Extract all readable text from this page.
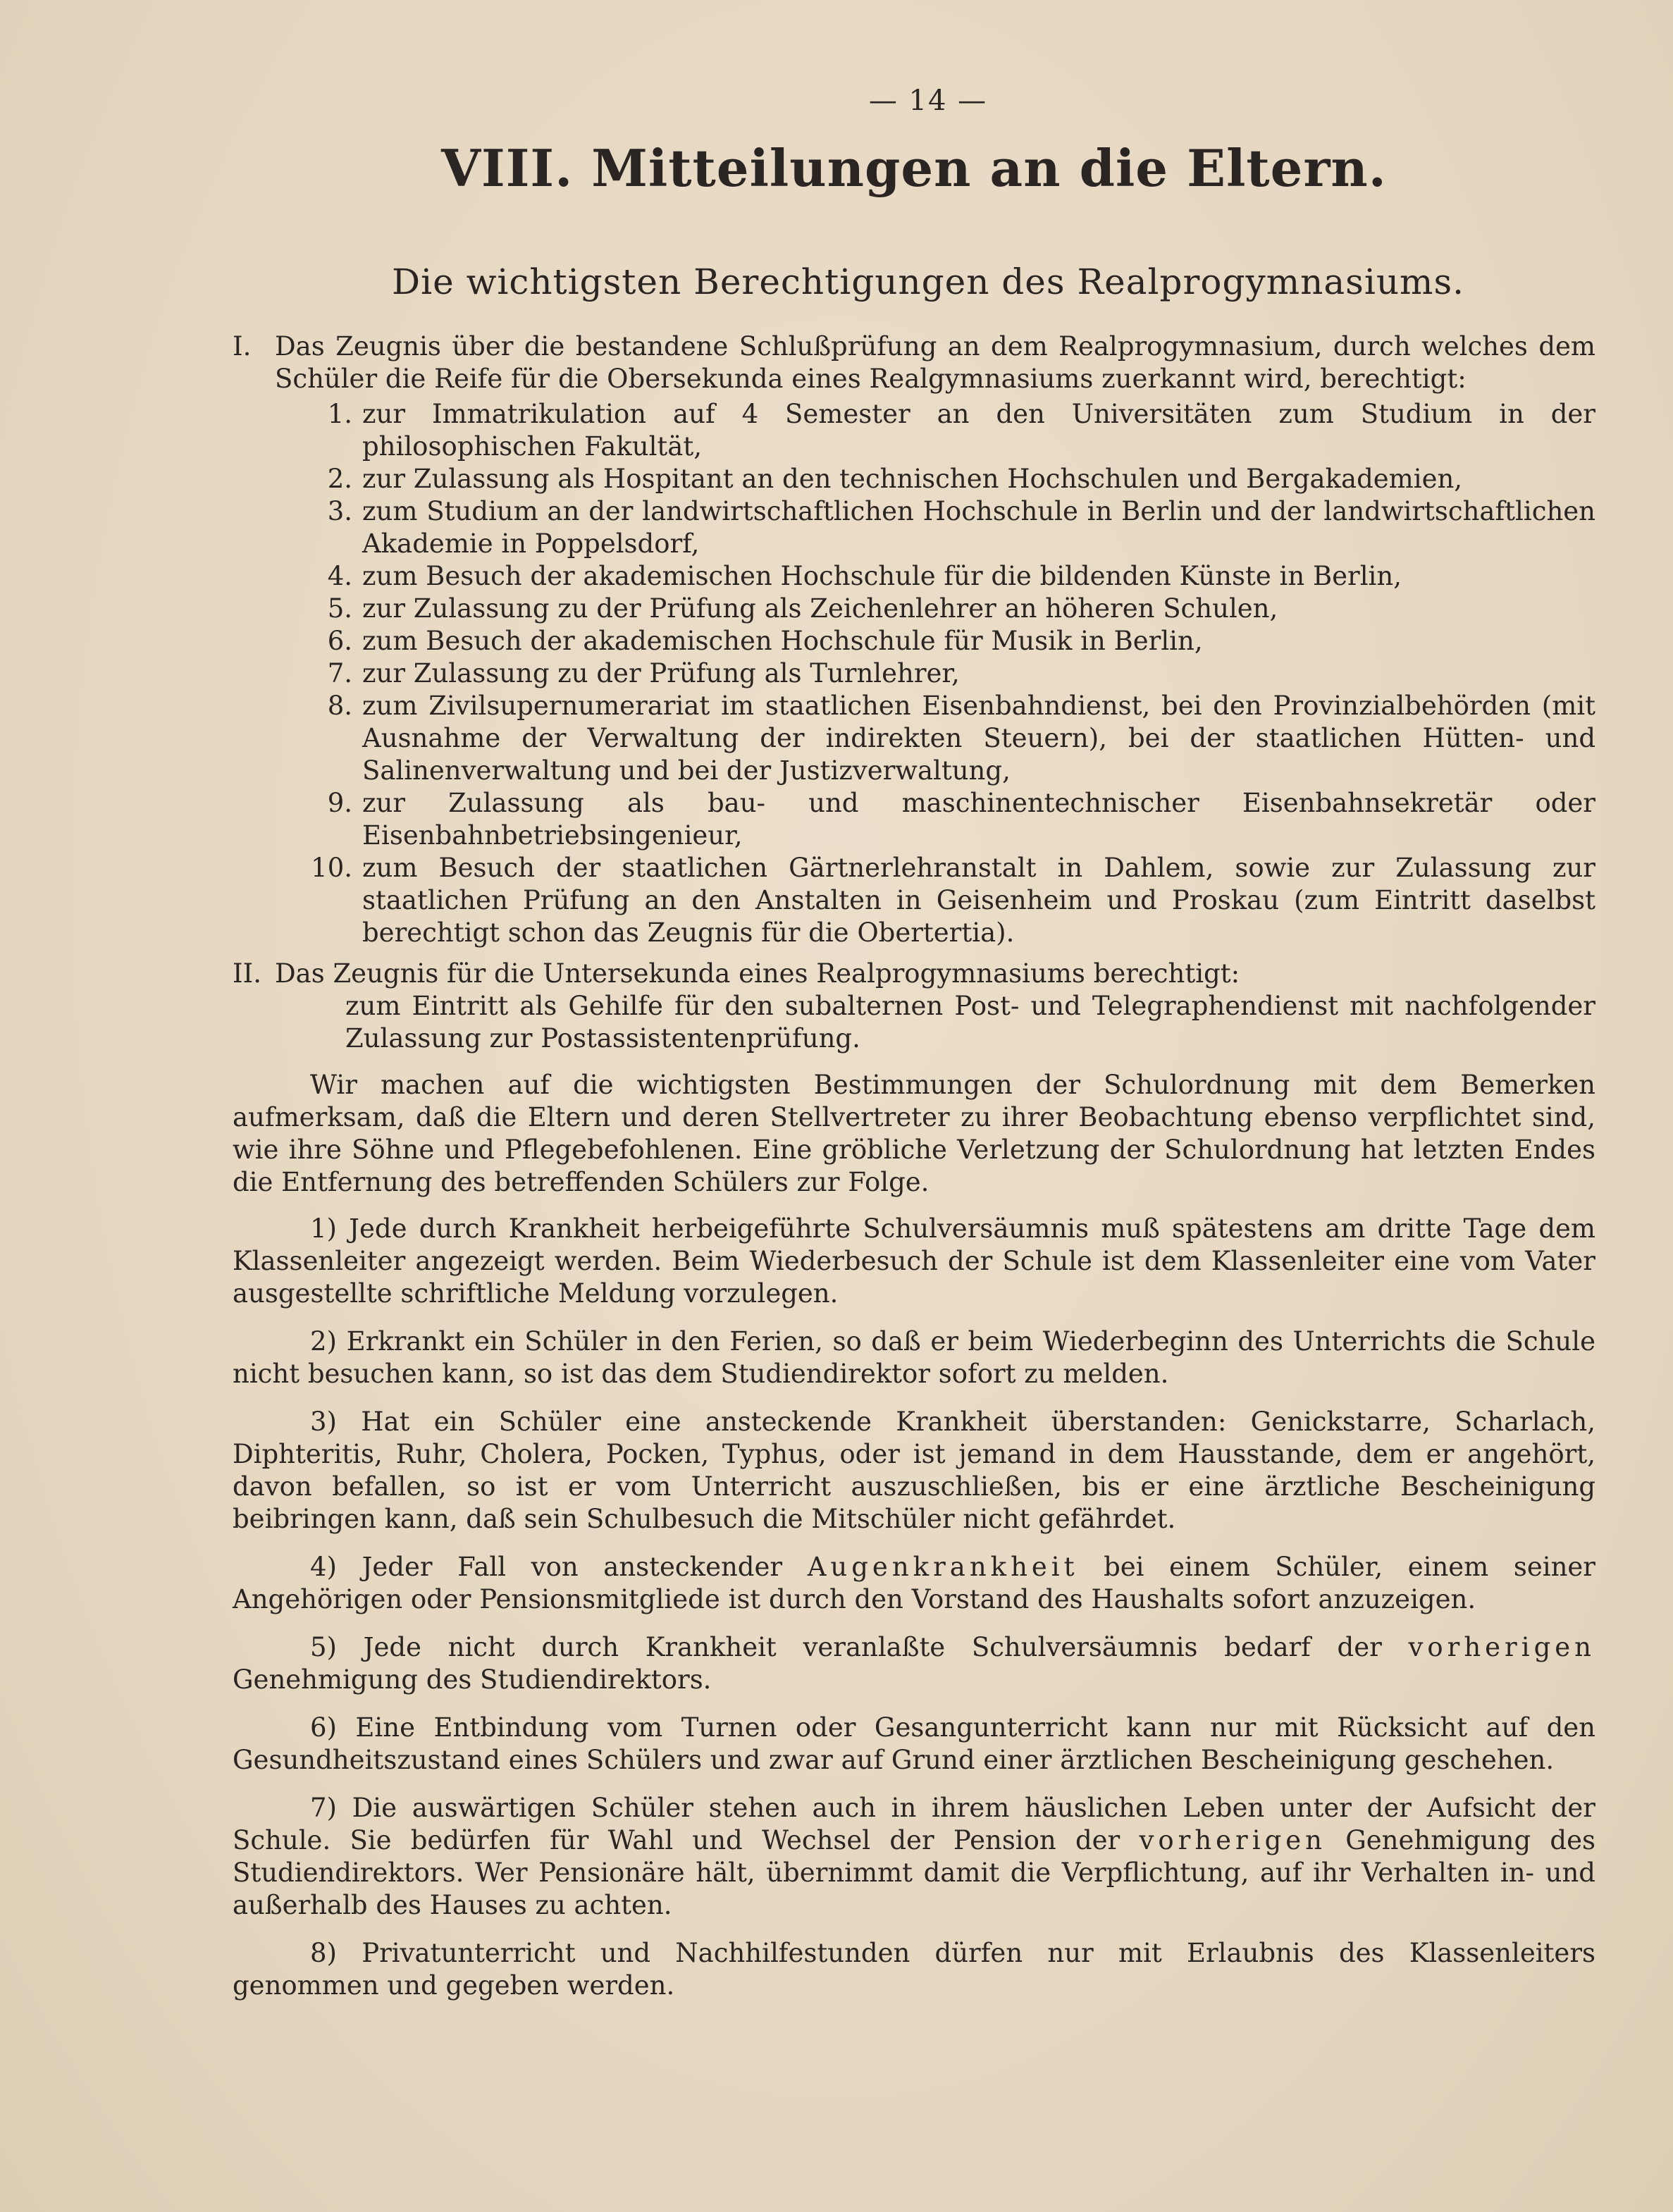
— 14 —
VIII. Mitteilungen an die Eltern.
Die wichtigsten Berechtigungen des Realprogymnasiums.
I. Das Zeugnis über die bestandene Schlußprüfung an dem Realprogymnasium, durch welches dem Schüler die Reife für die Obersekunda eines Realgymnasiums zuerkannt wird, berechtigt:
1. zur Immatrikulation auf 4 Semester an den Universitäten zum Studium in der philosophischen Fakultät,
2. zur Zulassung als Hospitant an den technischen Hochschulen und Bergakademien,
3. zum Studium an der landwirtschaftlichen Hochschule in Berlin und der landwirtschaftlichen Akademie in Poppelsdorf,
4. zum Besuch der akademischen Hochschule für die bildenden Künste in Berlin,
5. zur Zulassung zu der Prüfung als Zeichenlehrer an höheren Schulen,
6. zum Besuch der akademischen Hochschule für Musik in Berlin,
7. zur Zulassung zu der Prüfung als Turnlehrer,
8. zum Zivilsupernumerariat im staatlichen Eisenbahndienst, bei den Provinzialbehörden (mit Ausnahme der Verwaltung der indirekten Steuern), bei der staatlichen Hütten- und Salinenverwaltung und bei der Justizverwaltung,
9. zur Zulassung als bau- und maschinentechnischer Eisenbahnsekretär oder Eisenbahnbetriebsingenieur,
10. zum Besuch der staatlichen Gärtnerlehranstalt in Dahlem, sowie zur Zulassung zur staatlichen Prüfung an den Anstalten in Geisenheim und Proskau (zum Eintritt daselbst berechtigt schon das Zeugnis für die Obertertia).
II. Das Zeugnis für die Untersekunda eines Realprogymnasiums berechtigt:

zum Eintritt als Gehilfe für den subalternen Post- und Telegraphendienst mit nachfolgender Zulassung zur Postassistentenprüfung.

Wir machen auf die wichtigsten Bestimmungen der Schulordnung mit dem Bemerken aufmerksam, daß die Eltern und deren Stellvertreter zu ihrer Beobachtung ebenso verpflichtet sind, wie ihre Söhne und Pflegebefohlenen. Eine gröbliche Verletzung der Schulordnung hat letzten Endes die Entfernung des betreffenden Schülers zur Folge.

1) Jede durch Krankheit herbeigeführte Schulversäumnis muß spätestens am dritte Tage dem Klassenleiter angezeigt werden. Beim Wiederbesuch der Schule ist dem Klassenleiter eine vom Vater ausgestellte schriftliche Meldung vorzulegen.

2) Erkrankt ein Schüler in den Ferien, so daß er beim Wiederbeginn des Unterrichts die Schule nicht besuchen kann, so ist das dem Studiendirektor sofort zu melden.

3) Hat ein Schüler eine ansteckende Krankheit überstanden: Genickstarre, Scharlach, Diphteritis, Ruhr, Cholera, Pocken, Typhus, oder ist jemand in dem Hausstande, dem er angehört, davon befallen, so ist er vom Unterricht auszuschließen, bis er eine ärztliche Bescheinigung beibringen kann, daß sein Schulbesuch die Mitschüler nicht gefährdet.

4) Jeder Fall von ansteckender Augenkrankheit bei einem Schüler, einem seiner Angehörigen oder Pensionsmitgliede ist durch den Vorstand des Haushalts sofort anzuzeigen.

5) Jede nicht durch Krankheit veranlaßte Schulversäumnis bedarf der vorherigen Genehmigung des Studiendirektors.

6) Eine Entbindung vom Turnen oder Gesangunterricht kann nur mit Rücksicht auf den Gesundheitszustand eines Schülers und zwar auf Grund einer ärztlichen Bescheinigung geschehen.

7) Die auswärtigen Schüler stehen auch in ihrem häuslichen Leben unter der Aufsicht der Schule. Sie bedürfen für Wahl und Wechsel der Pension der vorherigen Genehmigung des Studiendirektors. Wer Pensionäre hält, übernimmt damit die Verpflichtung, auf ihr Verhalten in- und außerhalb des Hauses zu achten.

8) Privatunterricht und Nachhilfestunden dürfen nur mit Erlaubnis des Klassenleiters genommen und gegeben werden.
